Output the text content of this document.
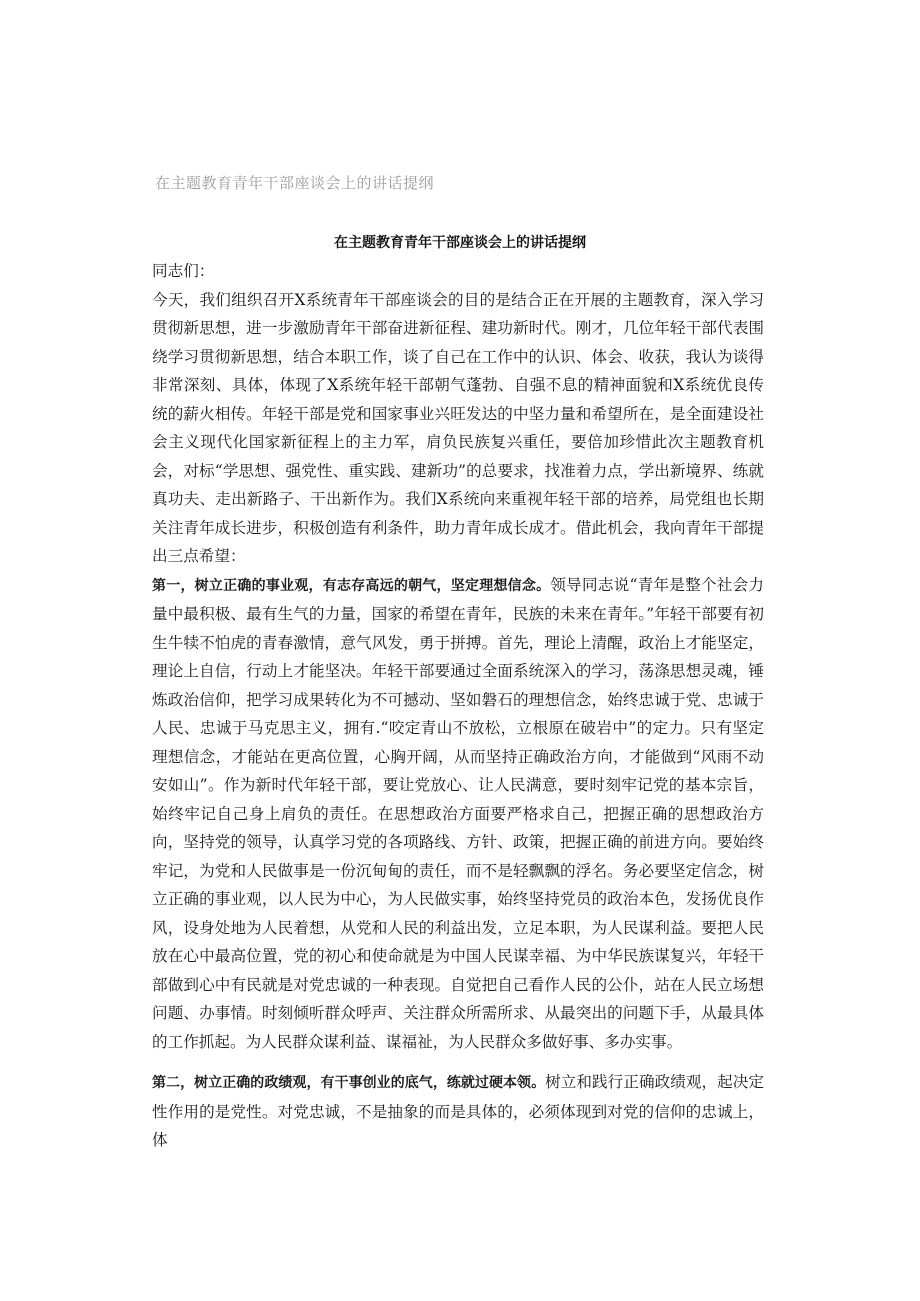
在主题教育青年干部座谈会上的讲话提纲
在主题教育青年干部座谈会上的讲话提纲

同志们：

今天，我们组织召开X系统青年干部座谈会的目的是结合正在开展的主题教育，深入学习贯彻新思想，进一步激励青年干部奋进新征程、建功新时代。刚才，几位年轻干部代表围绕学习贯彻新思想，结合本职工作，谈了自己在工作中的认识、体会、收获，我认为谈得非常深刻、具体，体现了X系统年轻干部朝气蓬勃、自强不息的精神面貌和X系统优良传统的薪火相传。年轻干部是党和国家事业兴旺发达的中坚力量和希望所在，是全面建设社会主义现代化国家新征程上的主力军，肩负民族复兴重任，要倍加珍惜此次主题教育机会，对标“学思想、强党性、重实践、建新功”的总要求，找准着力点，学出新境界、练就真功夫、走出新路子、干出新作为。我们X系统向来重视年轻干部的培养，局党组也长期关注青年成长进步，积极创造有利条件，助力青年成长成才。借此机会，我向青年干部提出三点希望：

第一，树立正确的事业观，有志存高远的朝气，坚定理想信念。领导同志说“青年是整个社会力量中最积极、最有生气的力量，国家的希望在青年，民族的未来在青年。”年轻干部要有初生牛犊不怕虎的青春激情，意气风发，勇于拼搏。首先，理论上清醒，政治上才能坚定，理论上自信，行动上才能坚决。年轻干部要通过全面系统深入的学习，荡涤思想灵魂，锤炼政治信仰，把学习成果转化为不可撼动、坚如磐石的理想信念，始终忠诚于党、忠诚于人民、忠诚于马克思主义，拥有.“咬定青山不放松，立根原在破岩中”的定力。只有坚定理想信念，才能站在更高位置，心胸开阔，从而坚持正确政治方向，才能做到“风雨不动安如山”。作为新时代年轻干部，要让党放心、让人民满意，要时刻牢记党的基本宗旨，始终牢记自己身上肩负的责任。在思想政治方面要严格求自己，把握正确的思想政治方向，坚持党的领导，认真学习党的各项路线、方针、政策，把握正确的前进方向。要始终牢记，为党和人民做事是一份沉甸甸的责任，而不是轻飘飘的浮名。务必要坚定信念，树立正确的事业观，以人民为中心，为人民做实事，始终坚持党员的政治本色，发扬优良作风，设身处地为人民着想，从党和人民的利益出发，立足本职，为人民谋利益。要把人民放在心中最高位置，党的初心和使命就是为中国人民谋幸福、为中华民族谋复兴，年轻干部做到心中有民就是对党忠诚的一种表现。自觉把自己看作人民的公仆，站在人民立场想问题、办事情。时刻倾听群众呼声、关注群众所需所求、从最突出的问题下手，从最具体的工作抓起。为人民群众谋利益、谋福祉，为人民群众多做好事、多办实事。

第二，树立正确的政绩观，有干事创业的底气，练就过硬本领。树立和践行正确政绩观，起决定性作用的是党性。对党忠诚，不是抽象的而是具体的，必须体现到对党的信仰的忠诚上，体
